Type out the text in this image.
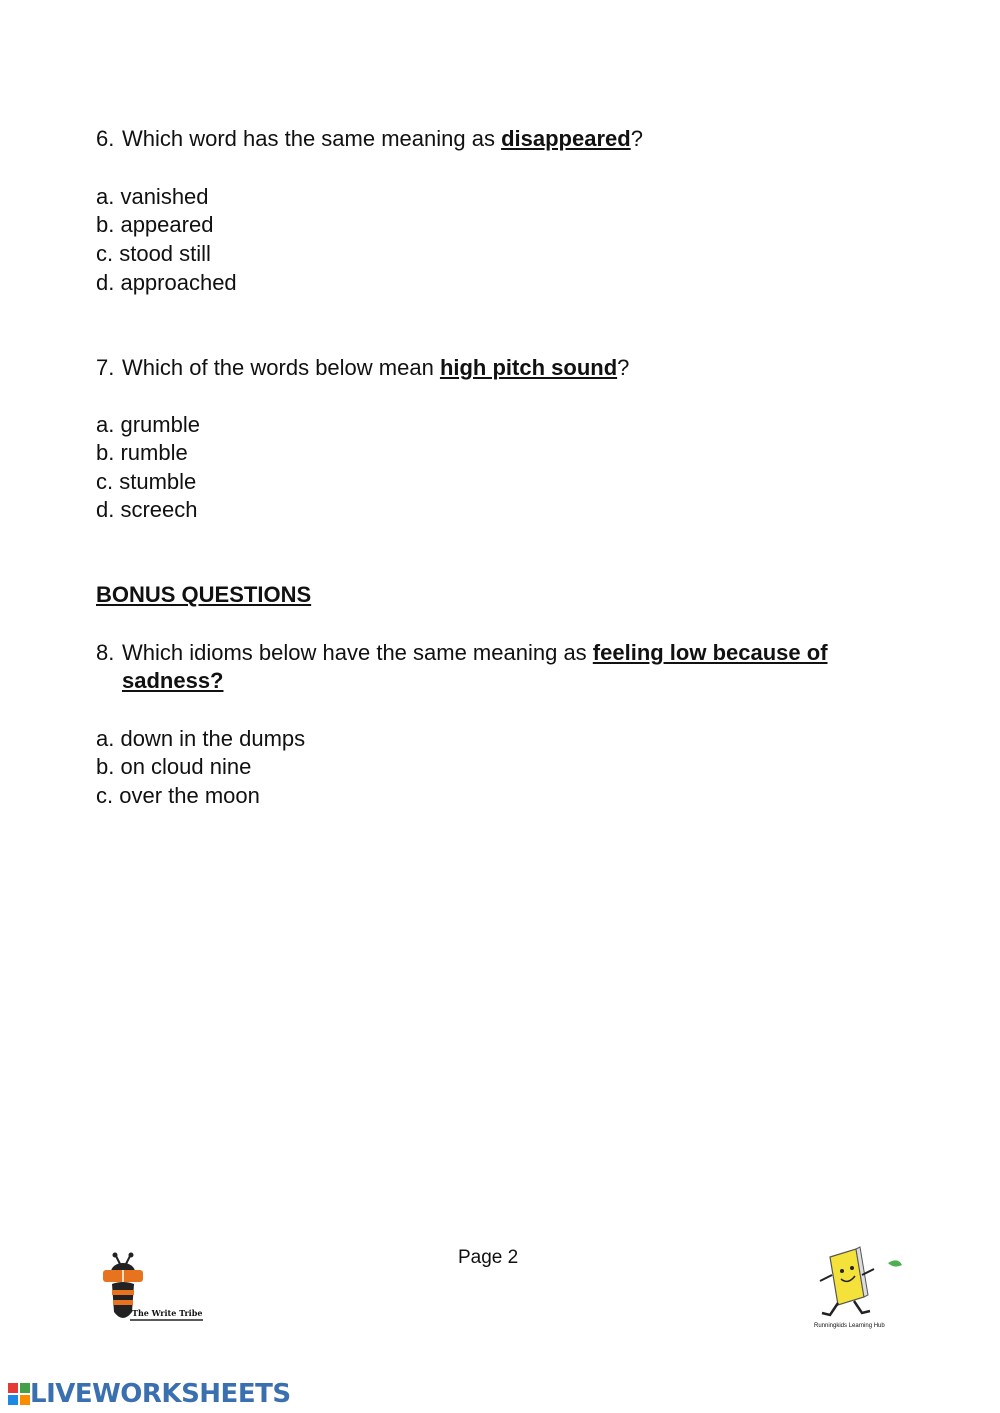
6. Which word has the same meaning as disappeared?
a. vanished
b. appeared
c. stood still
d. approached
7. Which of the words below mean high pitch sound?
a. grumble
b. rumble
c. stumble
d. screech
BONUS QUESTIONS
8. Which idioms below have the same meaning as feeling low because of
sadness?
a. down in the dumps
b. on cloud nine
c. over the moon
Page 2
The Write Tribe
Runningkids Learning Hub
LIVEWORKSHEETS
